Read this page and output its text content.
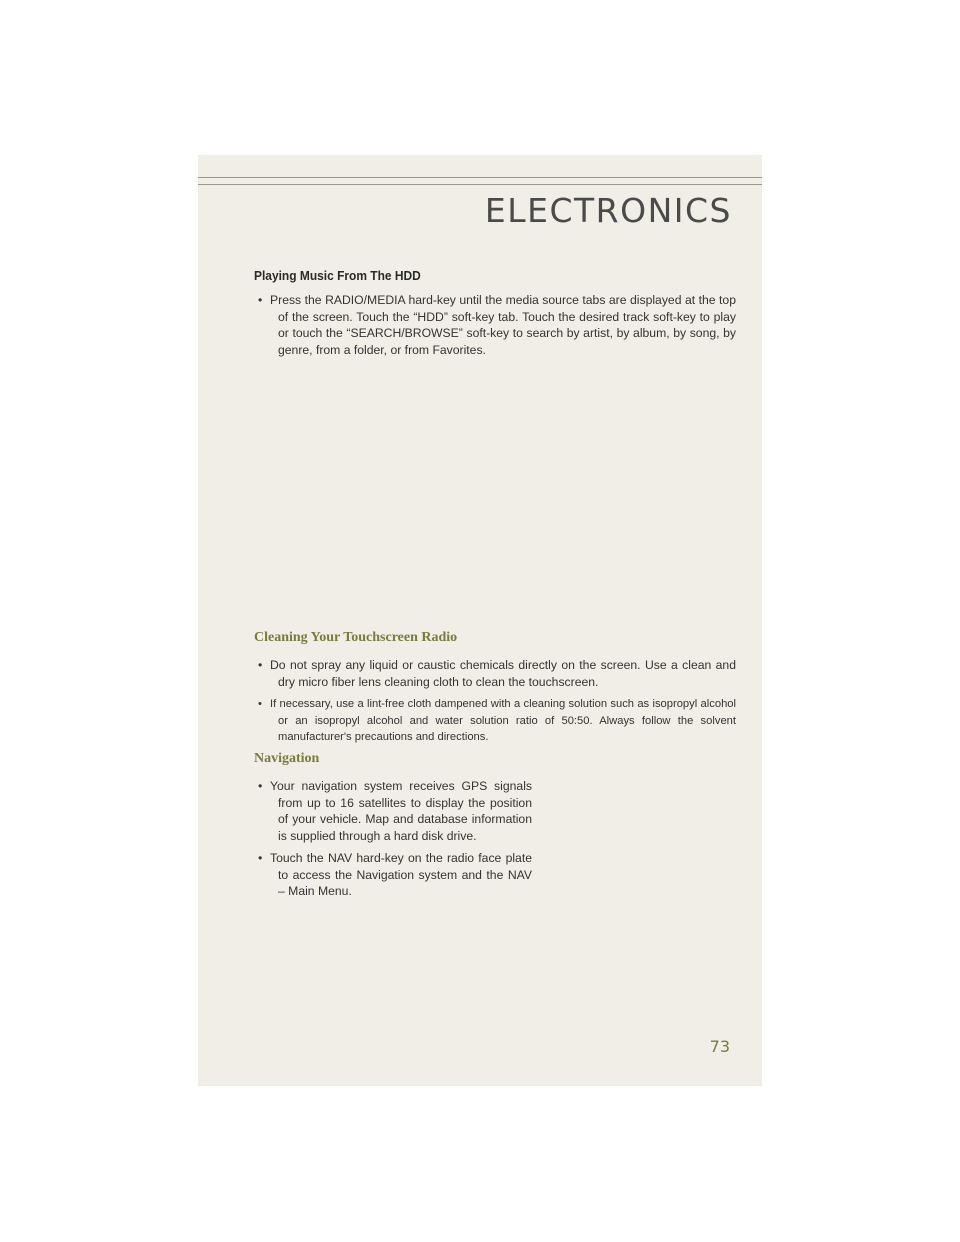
ELECTRONICS
Playing Music From The HDD
• Press the RADIO/MEDIA hard-key until the media source tabs are displayed at the top of the screen. Touch the “HDD” soft-key tab. Touch the desired track soft-key to play or touch the “SEARCH/BROWSE” soft-key to search by artist, by album, by song, by genre, from a folder, or from Favorites.
Cleaning Your Touchscreen Radio
• Do not spray any liquid or caustic chemicals directly on the screen. Use a clean and dry micro fiber lens cleaning cloth to clean the touchscreen.
• If necessary, use a lint-free cloth dampened with a cleaning solution such as isopropyl alcohol or an isopropyl alcohol and water solution ratio of 50:50. Always follow the solvent manufacturer's precautions and directions.
Navigation
• Your navigation system receives GPS signals from up to 16 satellites to display the position of your vehicle. Map and database information is supplied through a hard disk drive.
• Touch the NAV hard-key on the radio face plate to access the Navigation system and the NAV – Main Menu.
73
